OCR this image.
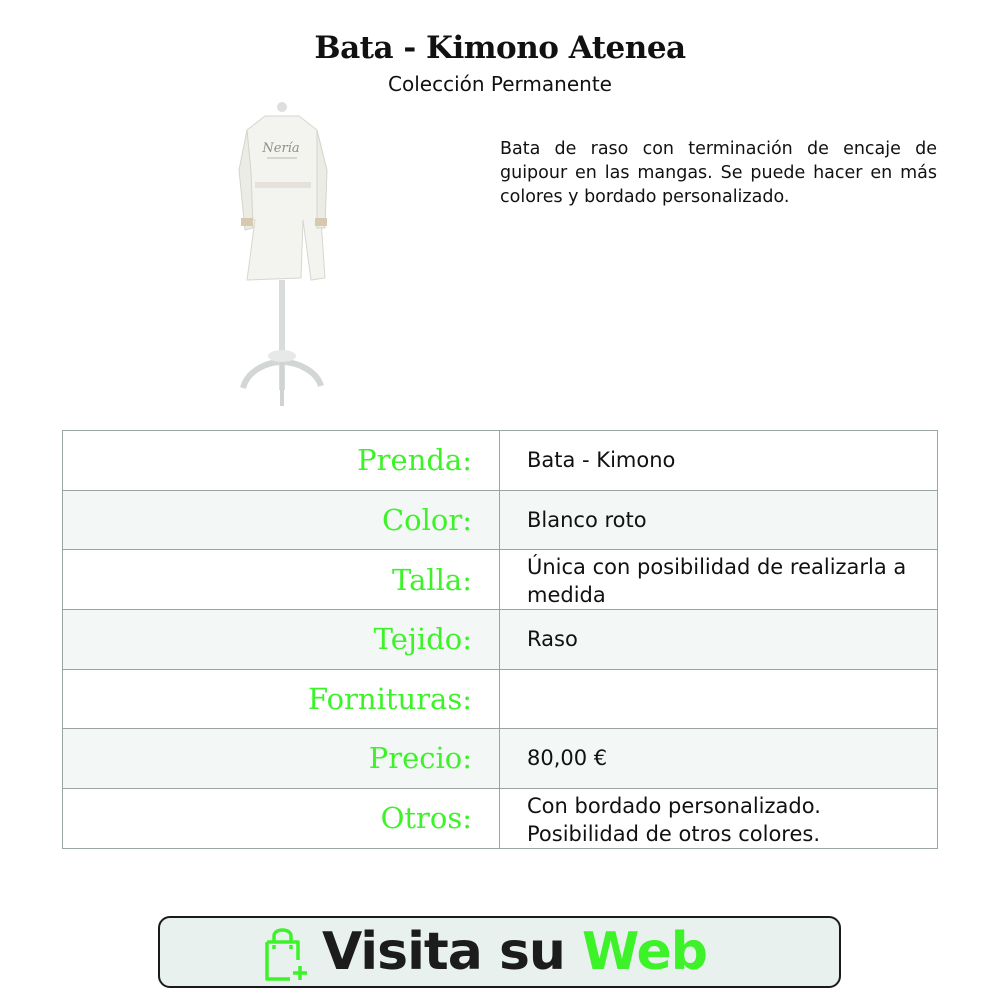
Bata - Kimono Atenea
Colección Permanente
Nería	Bata de raso con terminación de encaje de guipour en las mangas. Se puede hacer en más colores y bordado personalizado.
Prenda:	Bata - Kimono
Color:	Blanco roto
Talla:	Única con posibilidad de realizarla a medida
Tejido:	Raso
Fornituras:	
Precio:	80,00 €
Otros:	Con bordado personalizado. Posibilidad de otros colores.
Visita su Web
